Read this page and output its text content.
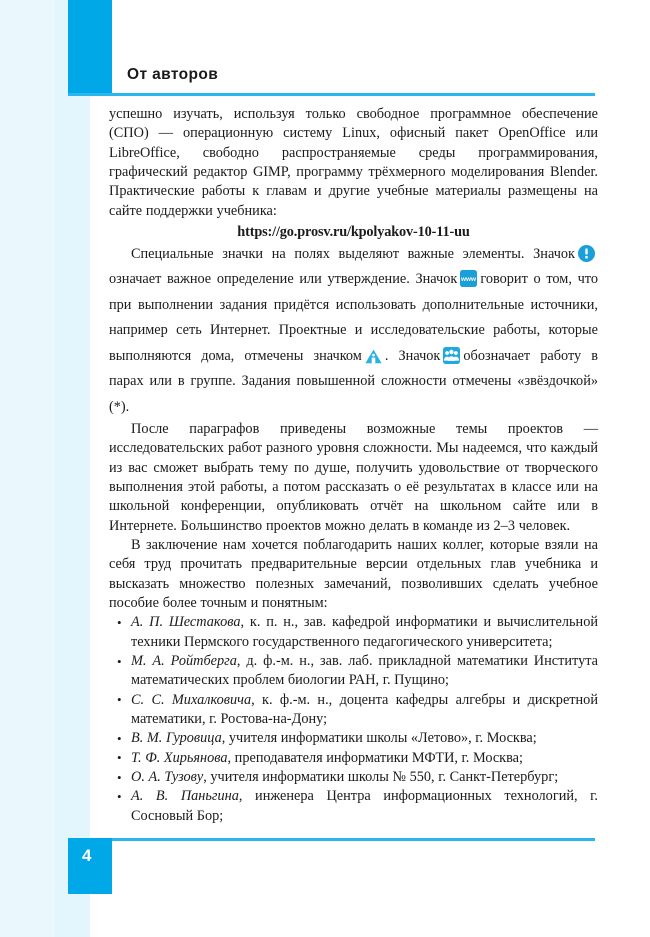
От авторов

успешно изучать, используя только свободное программное обеспечение (СПО) — операционную систему Linux, офисный пакет OpenOffice или LibreOffice, свободно распространяемые среды программирования, графический редактор GIMP, программу трёхмерного моделирования Blender. Практические работы к главам и другие учебные материалы размещены на сайте поддержки учебника:

https://go.prosv.ru/kpolyakov-10-11-uu

Специальные значки на полях выделяют важные элементы. Значок
означает важное определение или утверждение. Значок www говорит о том, что при выполнении задания придётся использовать дополнительные источники, например сеть Интернет. Проектные и исследовательские работы, которые выполняются дома, отмечены значком . Значок обозначает работу в парах или в группе. Задания повышенной сложности отмечены «звёздочкой» (*).

После параграфов приведены возможные темы проектов — исследовательских работ разного уровня сложности. Мы надеемся, что каждый из вас сможет выбрать тему по душе, получить удовольствие от творческого выполнения этой работы, а потом рассказать о её результатах в классе или на школьной конференции, опубликовать отчёт на школьном сайте или в Интернете. Большинство проектов можно делать в команде из 2–3 человек.

В заключение нам хочется поблагодарить наших коллег, которые взяли на себя труд прочитать предварительные версии отдельных глав учебника и высказать множество полезных замечаний, позволивших сделать учебное пособие более точным и понятным:

• А. П. Шестакова, к. п. н., зав. кафедрой информатики и вычислительной техники Пермского государственного педагогического университета;
• М. А. Ройтберга, д. ф.-м. н., зав. лаб. прикладной математики Института математических проблем биологии РАН, г. Пущино;
• С. С. Михалковича, к. ф.-м. н., доцента кафедры алгебры и дискретной математики, г. Ростова-на-Дону;
• В. М. Гуровица, учителя информатики школы «Летово», г. Москва;
• Т. Ф. Хирьянова, преподавателя информатики МФТИ, г. Москва;
• О. А. Тузову, учителя информатики школы № 550, г. Санкт-Петербург;
• А. В. Паньгина, инженера Центра информационных технологий, г. Сосновый Бор;
4
